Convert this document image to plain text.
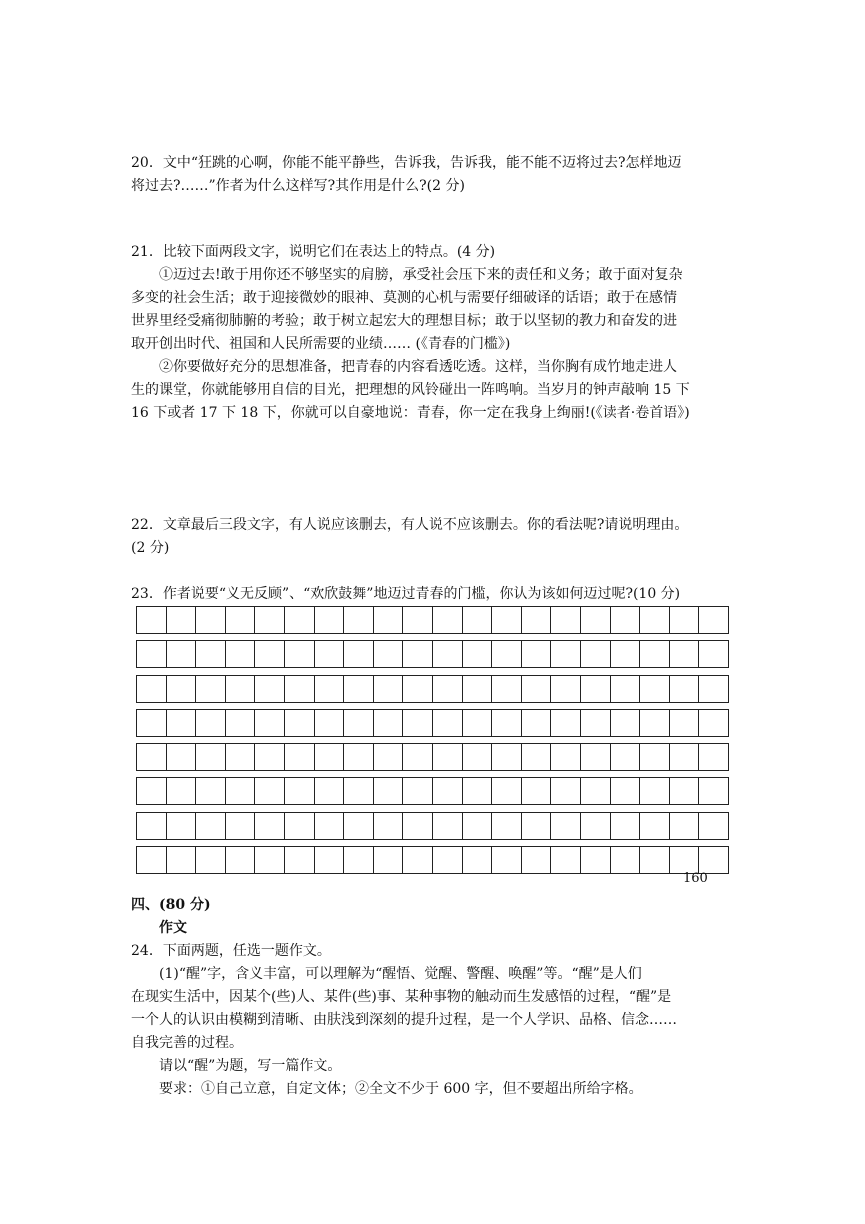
20．文中“狂跳的心啊，你能不能平静些，告诉我，告诉我，能不能不迈将过去?怎样地迈
将过去?……”作者为什么这样写?其作用是什么?(2 分)
21．比较下面两段文字，说明它们在表达上的特点。(4 分)
①迈过去!敢于用你还不够坚实的肩膀，承受社会压下来的责任和义务；敢于面对复杂
多变的社会生活；敢于迎接微妙的眼神、莫测的心机与需要仔细破译的话语；敢于在感情
世界里经受痛彻肺腑的考验；敢于树立起宏大的理想目标；敢于以坚韧的教力和奋发的进
取开创出时代、祖国和人民所需要的业绩…… (《青春的门槛》)
②你要做好充分的思想准备，把青春的内容看透吃透。这样，当你胸有成竹地走进人
生的课堂，你就能够用自信的目光，把理想的风铃碰出一阵鸣响。当岁月的钟声敲响 15 下
16 下或者 17 下 18 下，你就可以自豪地说：青春，你一定在我身上绚丽!(《读者·卷首语》)
22．文章最后三段文字，有人说应该删去，有人说不应该删去。你的看法呢?请说明理由。
(2 分)
23．作者说要“义无反顾”、“欢欣鼓舞”地迈过青春的门槛，你认为该如何迈过呢?(10 分)
160
四、(80 分)
作文
24．下面两题，任选一题作文。
(1)“醒”字，含义丰富，可以理解为“醒悟、觉醒、警醒、唤醒”等。“醒”是人们
在现实生活中，因某个(些)人、某件(些)事、某种事物的触动而生发感悟的过程，“醒”是
一个人的认识由模糊到清晰、由肤浅到深刻的提升过程，是一个人学识、品格、信念……
自我完善的过程。
请以“醒”为题，写一篇作文。
要求：①自己立意，自定文体；②全文不少于 600 字，但不要超出所给字格。
